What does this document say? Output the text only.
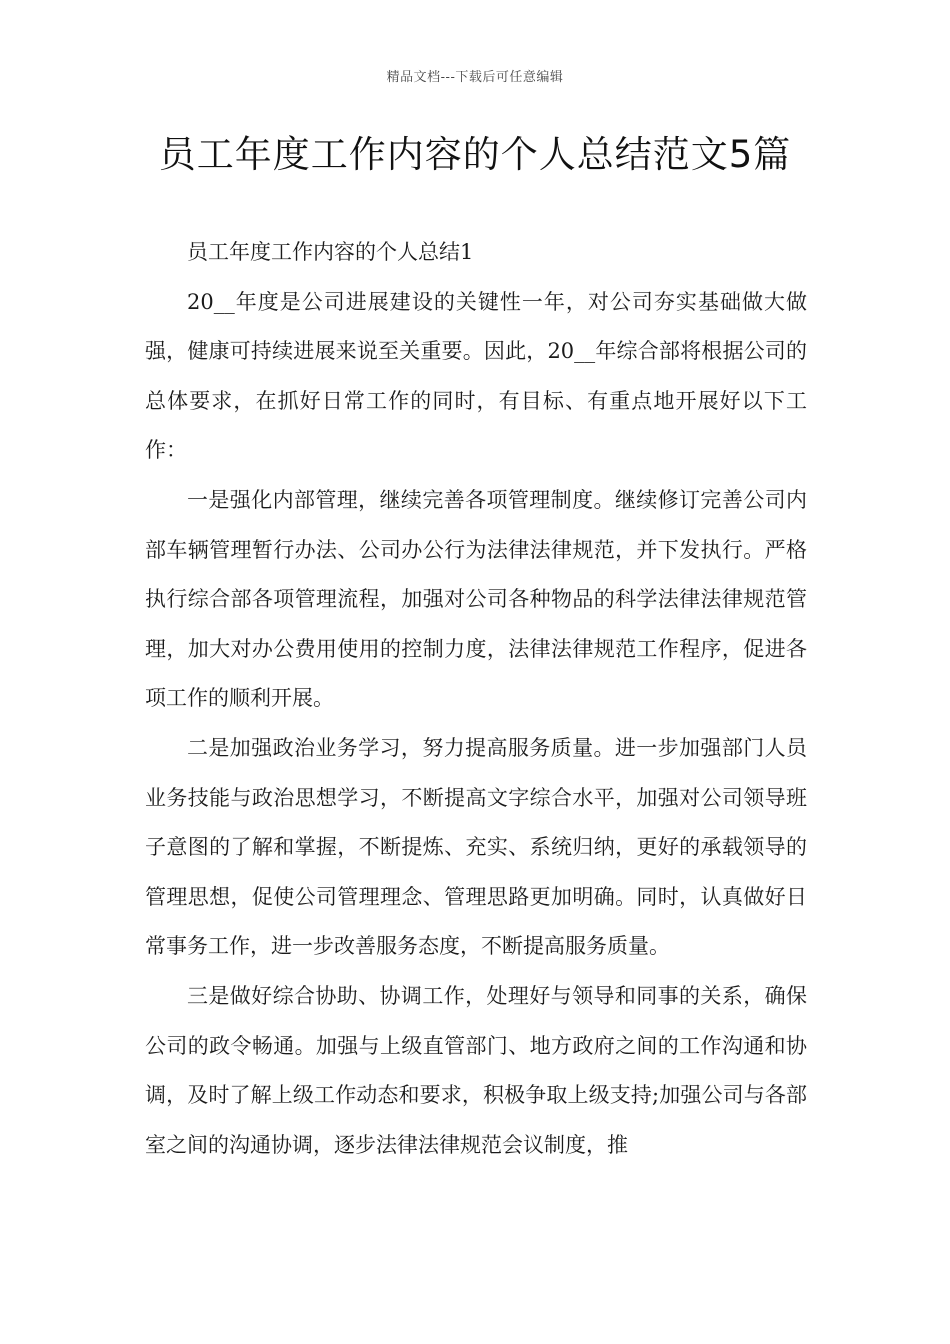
精品文档---下载后可任意编辑
员工年度工作内容的个人总结范文5篇

员工年度工作内容的个人总结1

20__年度是公司进展建设的关键性一年，对公司夯实基础做大做强，健康可持续进展来说至关重要。因此，20__年综合部将根据公司的总体要求，在抓好日常工作的同时，有目标、有重点地开展好以下工作：

一是强化内部管理，继续完善各项管理制度。继续修订完善公司内部车辆管理暂行办法、公司办公行为法律法律规范，并下发执行。严格执行综合部各项管理流程，加强对公司各种物品的科学法律法律规范管理，加大对办公费用使用的控制力度，法律法律规范工作程序，促进各项工作的顺利开展。

二是加强政治业务学习，努力提高服务质量。进一步加强部门人员业务技能与政治思想学习，不断提高文字综合水平，加强对公司领导班子意图的了解和掌握，不断提炼、充实、系统归纳，更好的承载领导的管理思想，促使公司管理理念、管理思路更加明确。同时，认真做好日常事务工作，进一步改善服务态度，不断提高服务质量。

三是做好综合协助、协调工作，处理好与领导和同事的关系，确保公司的政令畅通。加强与上级直管部门、地方政府之间的工作沟通和协调，及时了解上级工作动态和要求，积极争取上级支持;加强公司与各部室之间的沟通协调，逐步法律法律规范会议制度，推
